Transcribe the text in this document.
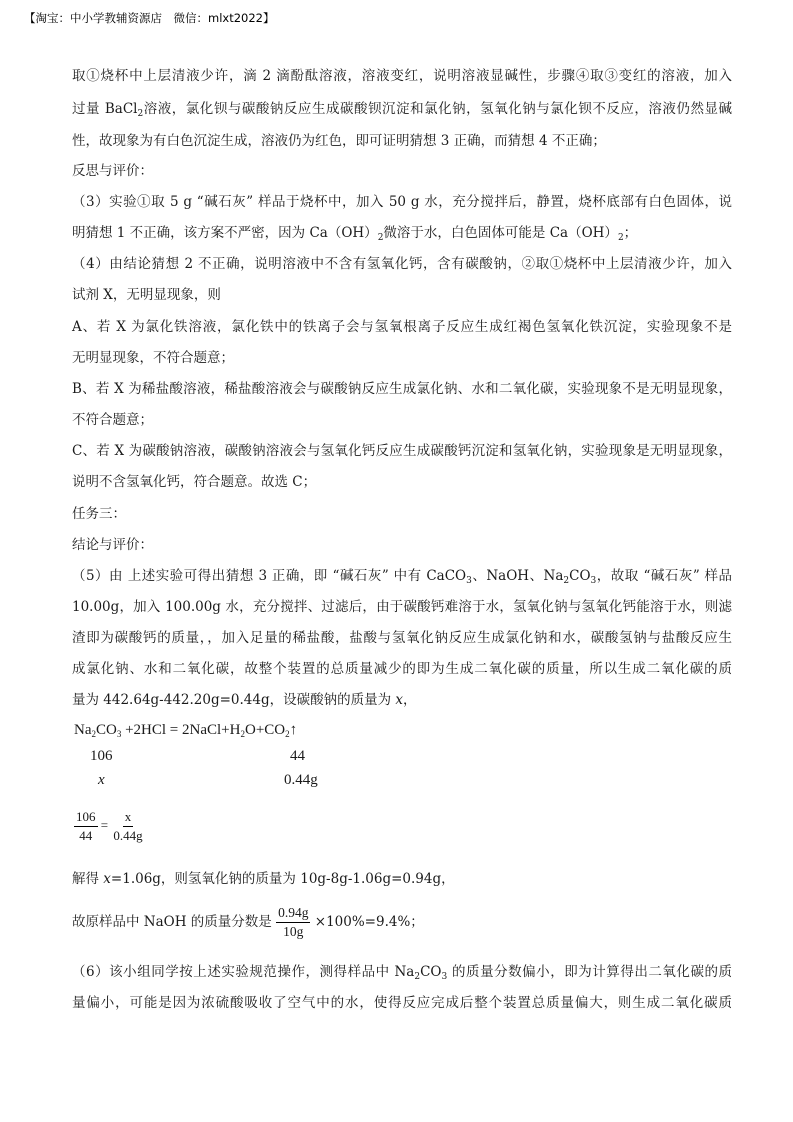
【淘宝：中小学教辅资源店　微信：mlxt2022】
取①烧杯中上层清液少许，滴 2 滴酚酞溶液，溶液变红，说明溶液显碱性，步骤④取③变红的溶液，加入
过量 BaCl$_2$溶液，氯化钡与碳酸钠反应生成碳酸钡沉淀和氯化钠，氢氧化钠与氯化钡不反应，溶液仍然显碱
性，故现象为有白色沉淀生成，溶液仍为红色，即可证明猜想 3 正确，而猜想 4 不正确；
反思与评价：
（3）实验①取 5 g “碱石灰” 样品于烧杯中，加入 50 g 水，充分搅拌后，静置，烧杯底部有白色固体，说
明猜想 1 不正确，该方案不严密，因为 $Ca(OH)_2$微溶于水，白色固体可能是 $Ca(OH)_2$；
（4）由结论猜想 2 不正确，说明溶液中不含有氢氧化钙，含有碳酸钠，②取①烧杯中上层清液少许，加入
试剂 X，无明显现象，则
A、若 X 为氯化铁溶液，氯化铁中的铁离子会与氢氧根离子反应生成红褐色氢氧化铁沉淀，实验现象不是
无明显现象，不符合题意；
B、若 X 为稀盐酸溶液，稀盐酸溶液会与碳酸钠反应生成氯化钠、水和二氧化碳，实验现象不是无明显现象，
不符合题意；
C、若 X 为碳酸钠溶液，碳酸钠溶液会与氢氧化钙反应生成碳酸钙沉淀和氢氧化钠，实验现象是无明显现象，
说明不含氢氧化钙，符合题意。故选 C；
任务三：
结论与评价：
（5）由 上述实验可得出猜想 3 正确，即 “碱石灰” 中有 CaCO$_3$、NaOH、$Na_2CO_3$，故取 “碱石灰” 样品
10.00g，加入 100.00g 水，充分搅拌、过滤后，由于碳酸钙难溶于水，氢氧化钠与氢氧化钙能溶于水，则滤
渣即为碳酸钙的质量，，加入足量的稀盐酸，盐酸与氢氧化钠反应生成氯化钠和水，碳酸氢钠与盐酸反应生
成氯化钠、水和二氧化碳，故整个装置的总质量减少的即为生成二氧化碳的质量，所以生成二氧化碳的质
量为 442.64g-442.20g=0.44g，设碳酸钠的质量为 x，
$Na_2CO_3 +2HCl$ = $2NaCl+H_2O+CO_2↑$
106	44
x	0.44g
$\frac{106}{44} = \frac{x}{0.44g}$
解得 x=1.06g，则氢氧化钠的质量为 10g-8g-1.06g=0.94g，
故原样品中 NaOH 的质量分数是 $\frac{0.94g}{10g} \times 100\%=9.4\%$；
（6）该小组同学按上述实验规范操作，测得样品中 $Na_2CO_3$ 的质量分数偏小，即为计算得出二氧化碳的质
量偏小，可能是因为浓硫酸吸收了空气中的水，使得反应完成后整个装置总质量偏大，则生成二氧化碳质
